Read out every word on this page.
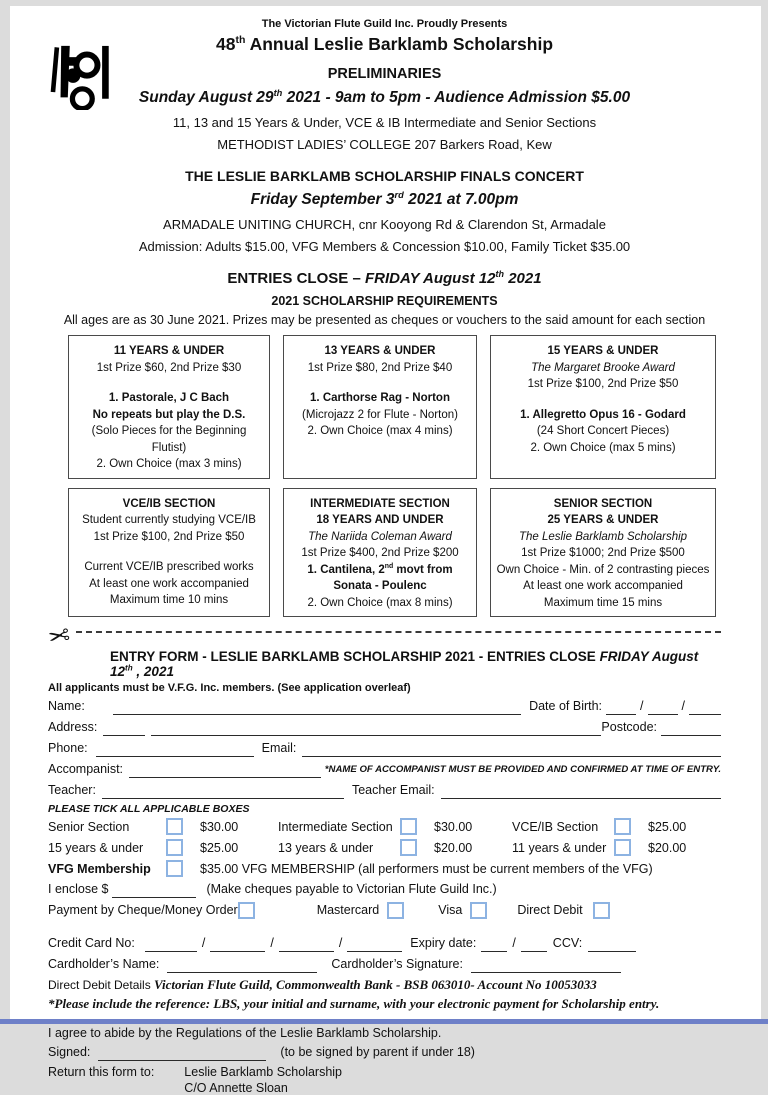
The Victorian Flute Guild Inc. Proudly Presents
48th Annual Leslie Barklamb Scholarship
PRELIMINARIES
Sunday August 29th 2021 - 9am to 5pm - Audience Admission $5.00
11, 13 and 15 Years & Under, VCE & IB Intermediate and Senior Sections
METHODIST LADIES’ COLLEGE 207 Barkers Road, Kew
THE LESLIE BARKLAMB SCHOLARSHIP FINALS CONCERT
Friday September 3rd 2021 at 7.00pm
ARMADALE UNITING CHURCH, cnr Kooyong Rd & Clarendon St, Armadale
Admission: Adults $15.00, VFG Members & Concession $10.00, Family Ticket $35.00
ENTRIES CLOSE – FRIDAY August 12th 2021
2021 SCHOLARSHIP REQUIREMENTS
All ages are as 30 June 2021. Prizes may be presented as cheques or vouchers to the said amount for each section
11 YEARS & UNDER
1st Prize $60, 2nd Prize $30
1. Pastorale, J C Bach
No repeats but play the D.S.
(Solo Pieces for the Beginning Flutist)
2. Own Choice (max 3 mins)
13 YEARS & UNDER
1st Prize $80, 2nd Prize $40
1. Carthorse Rag - Norton
(Microjazz 2 for Flute - Norton)
2. Own Choice (max 4 mins)
15 YEARS & UNDER
The Margaret Brooke Award
1st Prize $100, 2nd Prize $50
1. Allegretto Opus 16 - Godard
(24 Short Concert Pieces)
2. Own Choice (max 5 mins)
VCE/IB SECTION
Student currently studying VCE/IB
1st Prize $100, 2nd Prize $50
Current VCE/IB prescribed works
At least one work accompanied
Maximum time 10 mins
INTERMEDIATE SECTION
18 YEARS AND UNDER
The Nariida Coleman Award
1st Prize $400, 2nd Prize $200
1. Cantilena, 2nd movt from
Sonata - Poulenc
2. Own Choice (max 8 mins)
SENIOR SECTION
25 YEARS & UNDER
The Leslie Barklamb Scholarship
1st Prize $1000; 2nd Prize $500
Own Choice - Min. of 2 contrasting pieces
At least one work accompanied
Maximum time 15 mins
✂
ENTRY FORM - LESLIE BARKLAMB SCHOLARSHIP 2021 - ENTRIES CLOSE FRIDAY August 12th , 2021
All applicants must be V.F.G. Inc. members. (See application overleaf)
Name:	Date of Birth:	/	/
Address:	Postcode:
Phone:	Email:
Accompanist:	*NAME OF ACCOMPANIST MUST BE PROVIDED AND CONFIRMED AT TIME OF ENTRY.
Teacher:	Teacher Email:
PLEASE TICK ALL APPLICABLE BOXES
Senior Section	$30.00	Intermediate Section	$30.00	VCE/IB Section	$25.00
15 years & under	$25.00	13 years & under	$20.00	11 years & under	$20.00
VFG Membership	$35.00 VFG MEMBERSHIP (all performers must be current members of the VFG)
I enclose $	(Make cheques payable to Victorian Flute Guild Inc.)
Payment by Cheque/Money Order	Mastercard	Visa	Direct Debit
Credit Card No:	/	/	/	Expiry date:	/	CCV:
Cardholder’s Name:	Cardholder’s Signature:
Direct Debit Details Victorian Flute Guild, Commonwealth Bank - BSB 063010- Account No 10053033
*Please include the reference: LBS, your initial and surname, with your electronic payment for Scholarship entry.
I agree to abide by the Regulations of the Leslie Barklamb Scholarship.
Signed:	(to be signed by parent if under 18)
Return this form to: Leslie Barklamb Scholarship
C/O Annette Sloan
